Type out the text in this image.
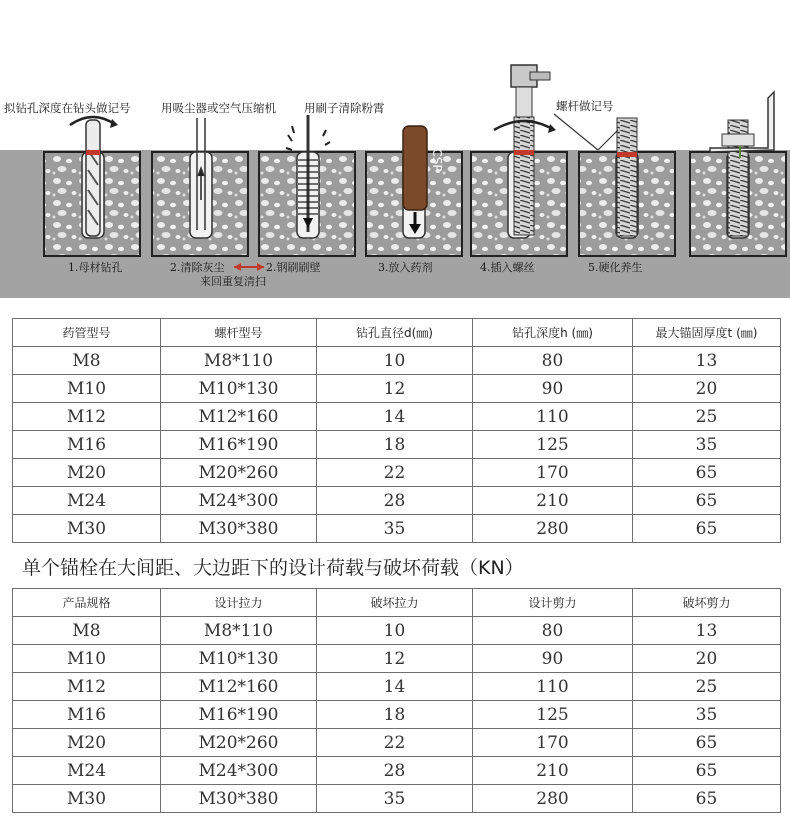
CSP
拟钻孔深度在钻头做记号	用吸尘器或空气压缩机 用刷子清除粉霄	螺杆做记号
1.母材钻孔	2.清除灰尘	2.钢刷刷壁
来回重复清扫
3.放入药剂	4.插入螺丝	5.硬化养生
药管型号	螺杆型号	钻孔直径d(㎜)	钻孔深度h (㎜)	最大锚固厚度t (㎜)
M8	M8*110	10	80	13
M10	M10*130	12	90	20
M12	M12*160	14	110	25
M16	M16*190	18	125	35
M20	M20*260	22	170	65
M24	M24*300	28	210	65
M30	M30*380	35	280	65
单个锚栓在大间距、大边距下的设计荷载与破坏荷载（KN）
产品规格	设计拉力	破坏拉力	设计剪力	破坏剪力
M8	M8*110	10	80	13
M10	M10*130	12	90	20
M12	M12*160	14	110	25
M16	M16*190	18	125	35
M20	M20*260	22	170	65
M24	M24*300	28	210	65
M30	M30*380	35	280	65
